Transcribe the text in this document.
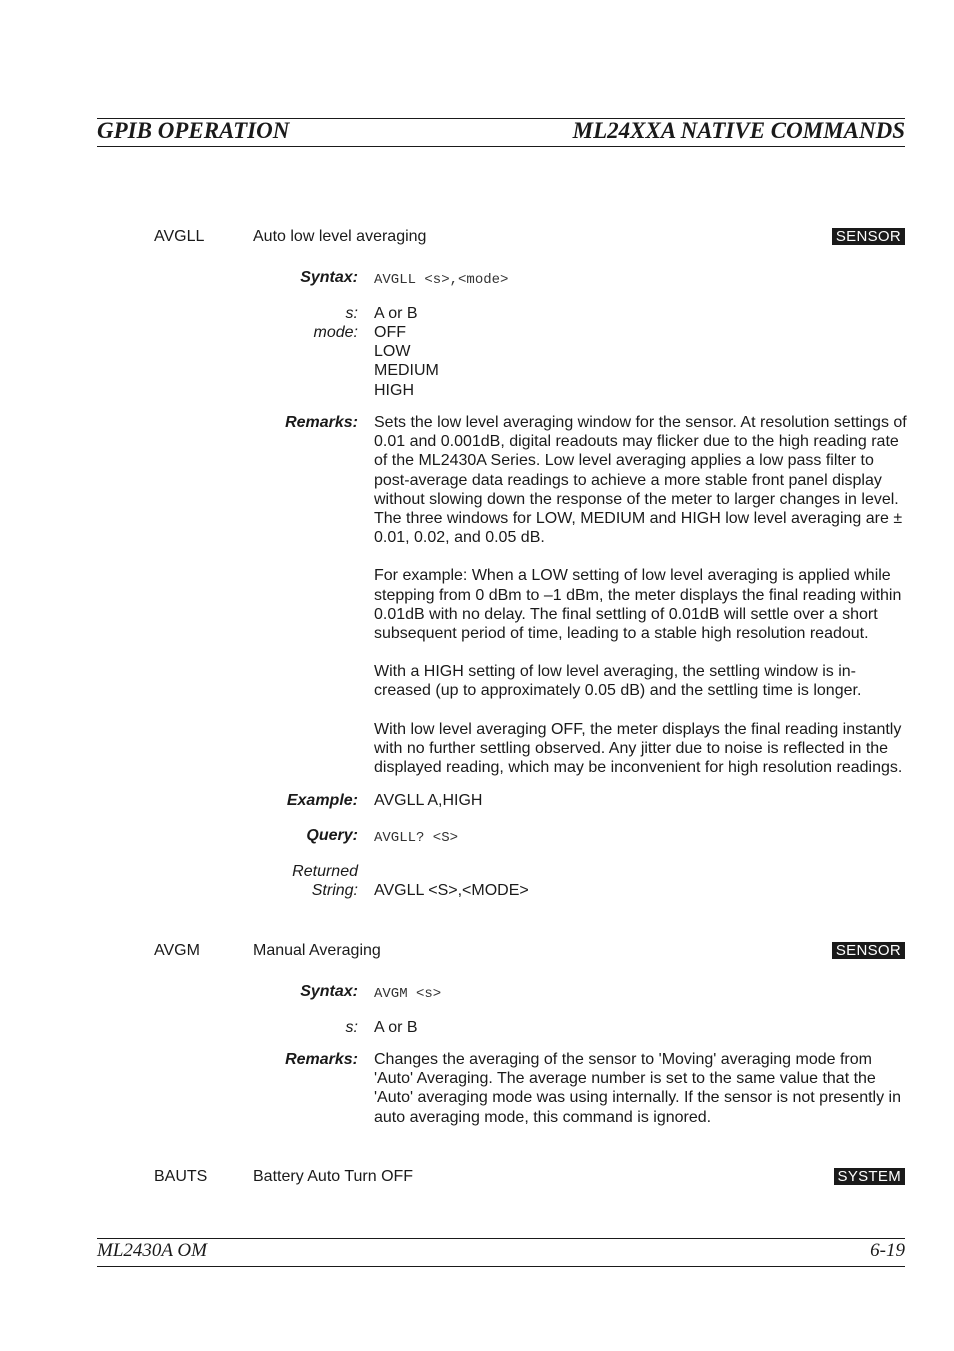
GPIB OPERATION	ML24XXA NATIVE COMMANDS
AVGLL	Auto low level averaging	SENSOR
Syntax: AVGLL <s>,<mode>
s: A or B
mode: OFF
LOW
MEDIUM
HIGH
Remarks: Sets the low level averaging window for the sensor. At resolution settings of 0.01 and 0.001dB, digital readouts may flicker due to the high reading rate of the ML2430A Series. Low level averaging applies a low pass filter to post-average data readings to achieve a more stable front panel display without slowing down the response of the meter to larger changes in level. The three windows for LOW, MEDIUM and HIGH low level averaging are ± 0.01, 0.02, and 0.05 dB.

For example: When a LOW setting of low level averaging is applied while stepping from 0 dBm to –1 dBm, the meter displays the final reading within 0.01dB with no delay. The final settling of 0.01dB will settle over a short subsequent period of time, leading to a stable high resolution readout.

With a HIGH setting of low level averaging, the settling window is in-creased (up to approximately 0.05 dB) and the settling time is longer.

With low level averaging OFF, the meter displays the final reading instantly with no further settling observed. Any jitter due to noise is reflected in the displayed reading, which may be inconvenient for high resolution readings.

Example: AVGLL A,HIGH
Query: AVGLL? <S>
Returned
String: AVGLL <S>,<MODE>
AVGM	Manual Averaging	SENSOR
Syntax: AVGM <s>
s: A or B
Remarks: Changes the averaging of the sensor to 'Moving' averaging mode from 'Auto' Averaging. The average number is set to the same value that the 'Auto' averaging mode was using internally. If the sensor is not presently in auto averaging mode, this command is ignored.

BAUTS	Battery Auto Turn OFF	SYSTEM
ML2430A OM	6-19
